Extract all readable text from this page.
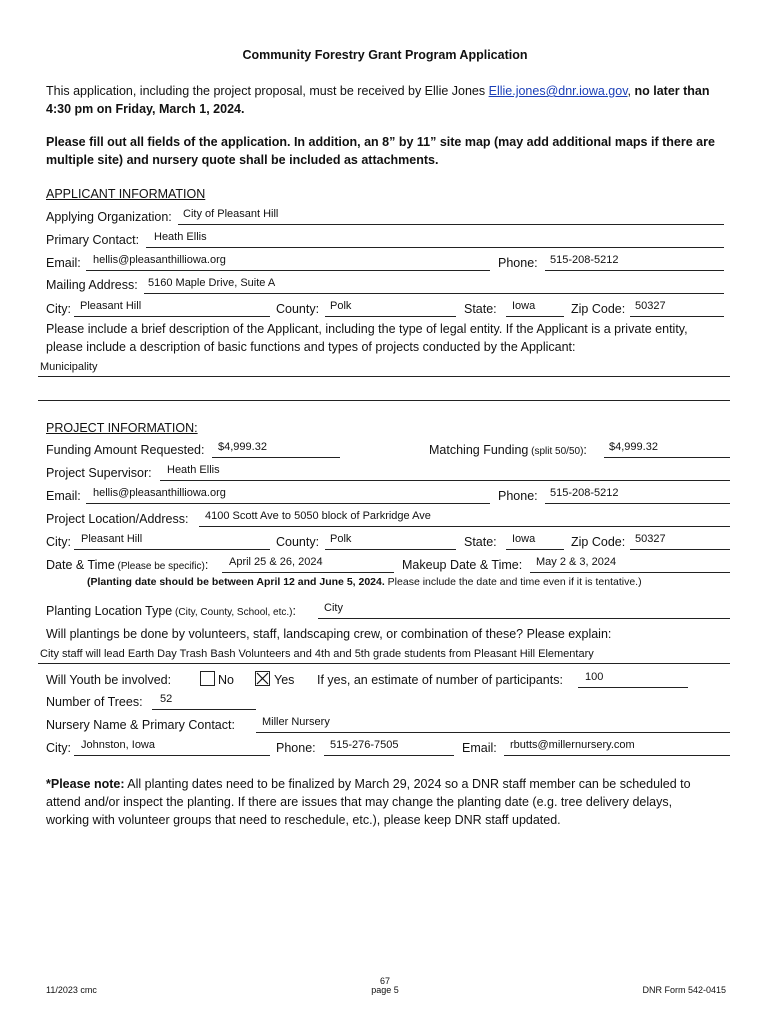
Community Forestry Grant Program Application
This application, including the project proposal, must be received by Ellie Jones Ellie.jones@dnr.iowa.gov, no later than
4:30 pm on Friday, March 1, 2024.
Please fill out all fields of the application. In addition, an 8” by 11” site map (may add additional maps if there are
multiple site) and nursery quote shall be included as attachments.
APPLICANT INFORMATION
Applying Organization: City of Pleasant Hill
Primary Contact: Heath Ellis
Email: hellis@pleasanthilliowa.org	Phone: 515-208-5212
Mailing Address: 5160 Maple Drive, Suite A
City: Pleasant Hill	County: Polk	State: Iowa	Zip Code: 50327
Please include a brief description of the Applicant, including the type of legal entity. If the Applicant is a private entity,
please include a description of basic functions and types of projects conducted by the Applicant:
Municipality
PROJECT INFORMATION:
Funding Amount Requested: $4,999.32	Matching Funding (split 50/50): $4,999.32
Project Supervisor: Heath Ellis
Email: hellis@pleasanthilliowa.org	Phone: 515-208-5212
Project Location/Address: 4100 Scott Ave to 5050 block of Parkridge Ave
City: Pleasant Hill	County: Polk	State: Iowa	Zip Code: 50327
Date & Time (Please be specific): April 25 & 26, 2024	Makeup Date & Time: May 2 & 3, 2024
(Planting date should be between April 12 and June 5, 2024. Please include the date and time even if it is tentative.)
Planting Location Type (City, County, School, etc.):	City
Will plantings be done by volunteers, staff, landscaping crew, or combination of these? Please explain:
City staff will lead Earth Day Trash Bash Volunteers and 4th and 5th grade students from Pleasant Hill Elementary
Will Youth be involved:	No	Yes If yes, an estimate of number of participants: 100
Number of Trees: 52
Nursery Name & Primary Contact: Miller Nursery
City: Johnston, Iowa	Phone: 515-276-7505	Email: rbutts@millernursery.com
*Please note: All planting dates need to be finalized by March 29, 2024 so a DNR staff member can be scheduled to
attend and/or inspect the planting. If there are issues that may change the planting date (e.g. tree delivery delays,
working with volunteer groups that need to reschedule, etc.), please keep DNR staff updated.
11/2023 cmc
67
page 5	DNR Form 542-0415
